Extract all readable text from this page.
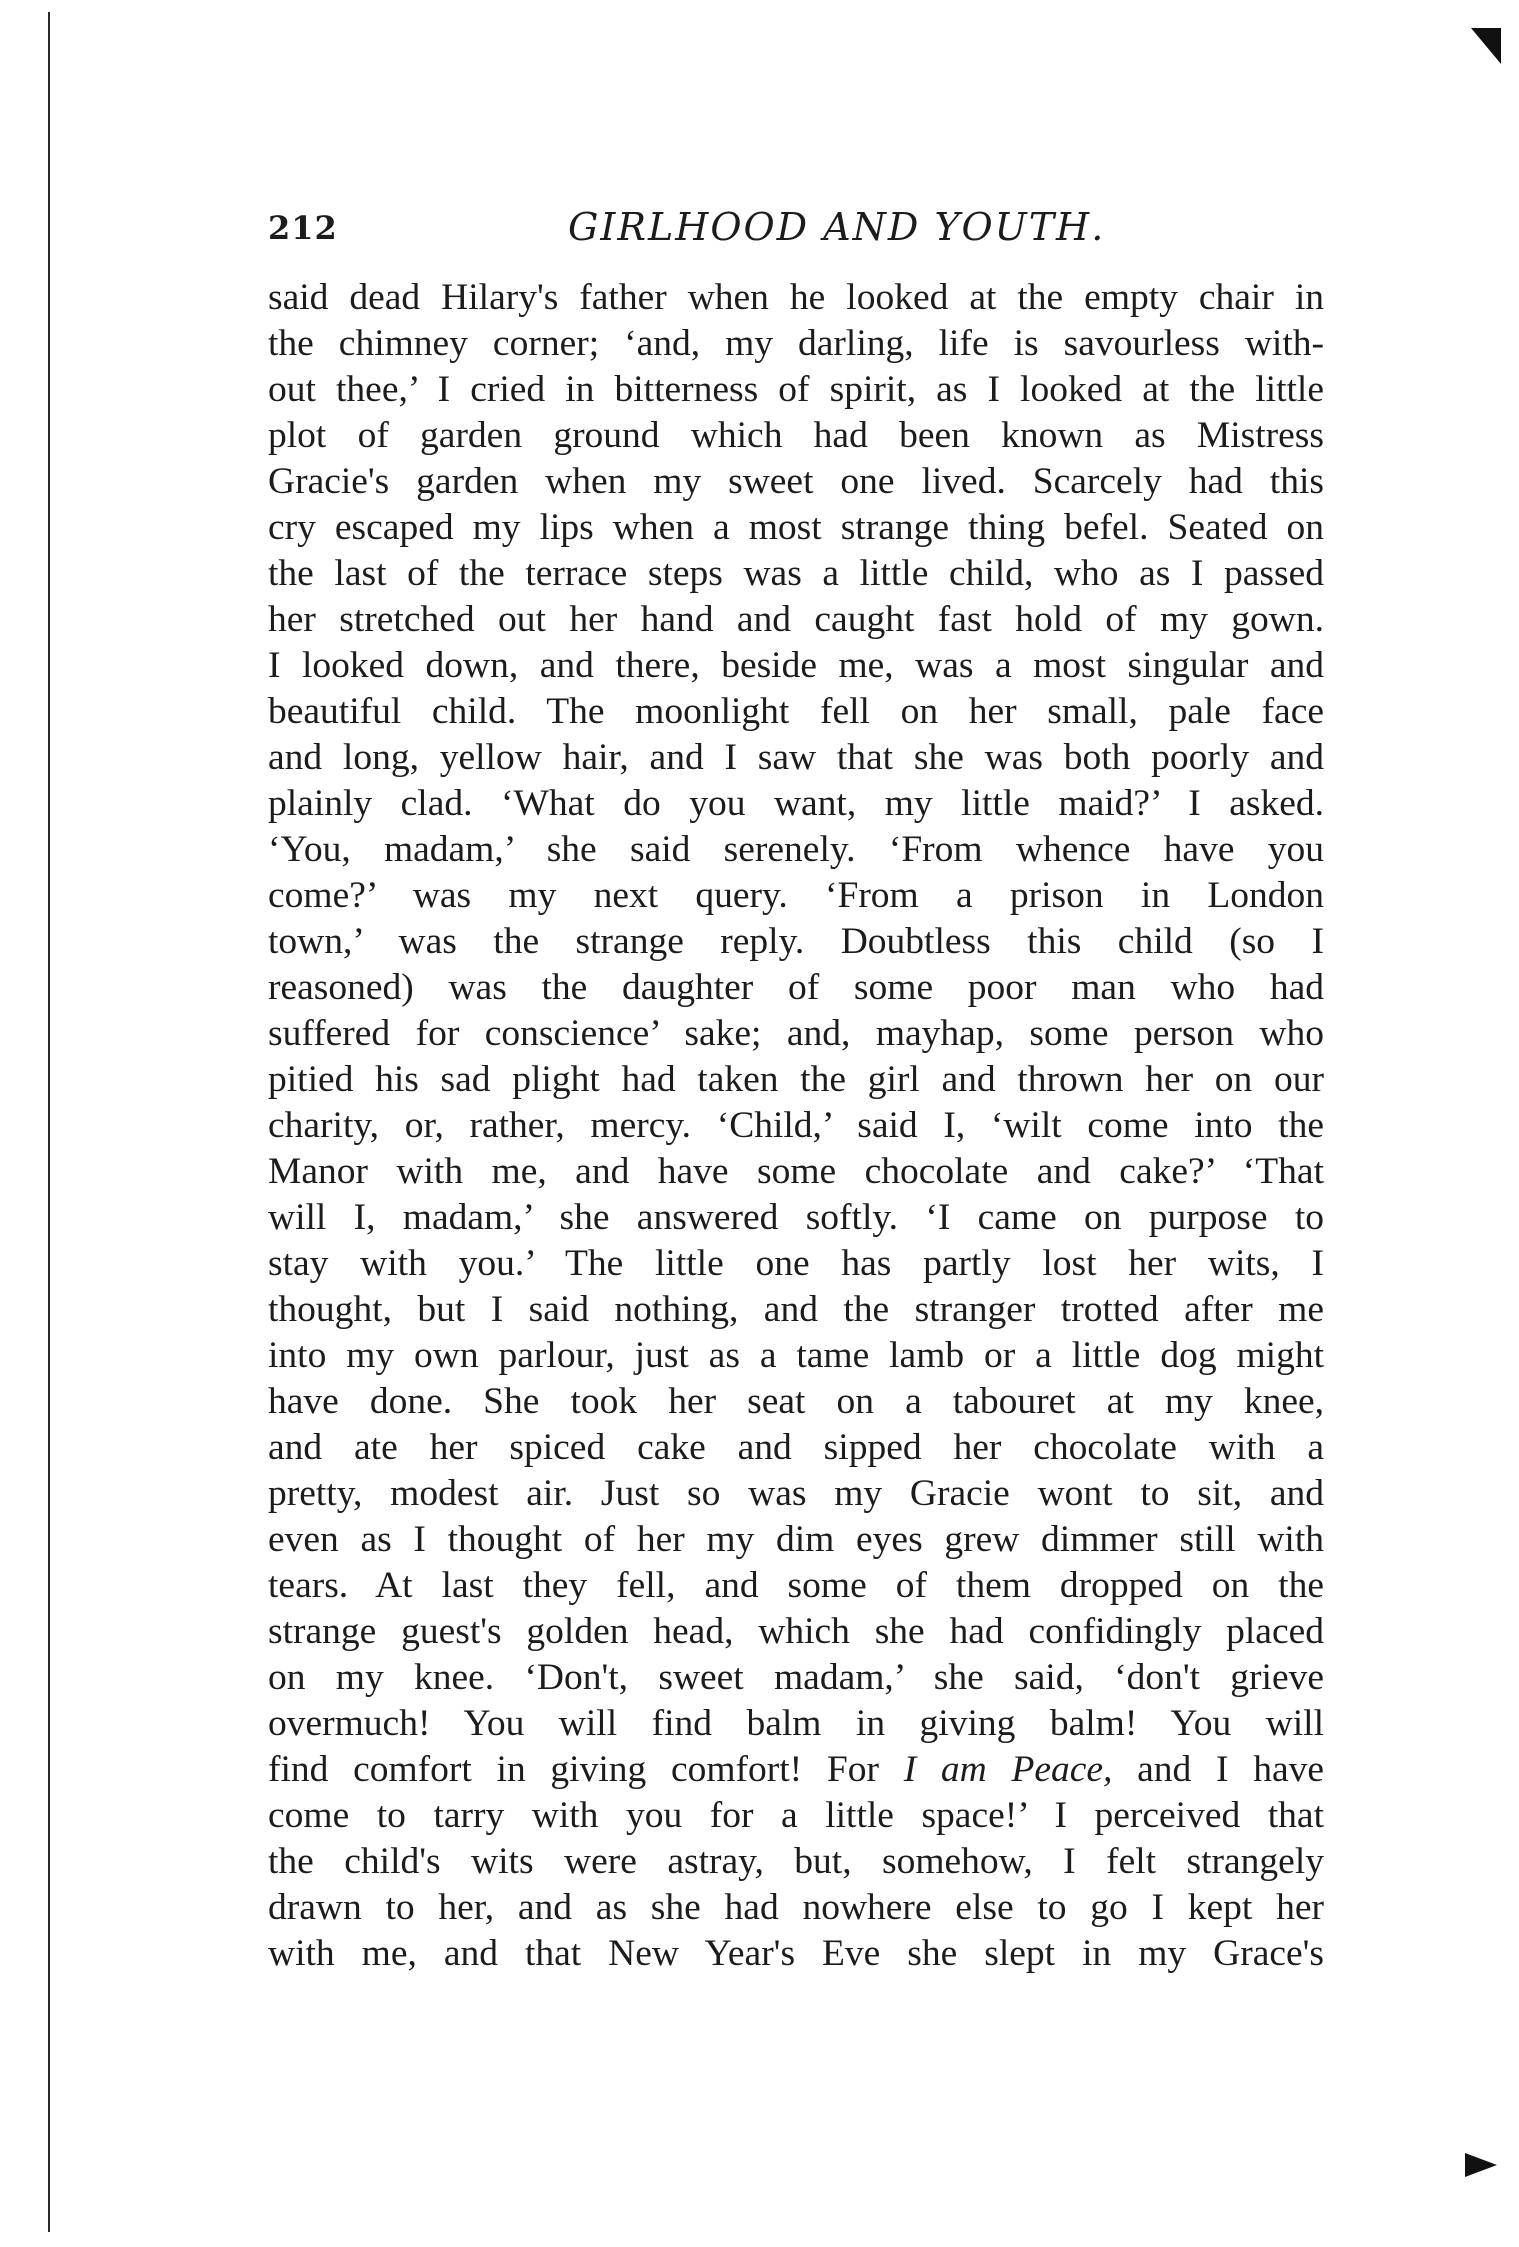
212	GIRLHOOD AND YOUTH.
said dead Hilary's father when he looked at the empty chair in
the chimney corner; ‘and, my darling, life is savourless with-
out thee,’ I cried in bitterness of spirit, as I looked at the little
plot of garden ground which had been known as Mistress
Gracie's garden when my sweet one lived. Scarcely had this
cry escaped my lips when a most strange thing befel. Seated on
the last of the terrace steps was a little child, who as I passed
her stretched out her hand and caught fast hold of my gown.
I looked down, and there, beside me, was a most singular and
beautiful child. The moonlight fell on her small, pale face
and long, yellow hair, and I saw that she was both poorly and
plainly clad. ‘What do you want, my little maid?’ I asked.
‘You, madam,’ she said serenely. ‘From whence have you
come?’ was my next query. ‘From a prison in London
town,’ was the strange reply. Doubtless this child (so I
reasoned) was the daughter of some poor man who had
suffered for conscience’ sake; and, mayhap, some person who
pitied his sad plight had taken the girl and thrown her on our
charity, or, rather, mercy. ‘Child,’ said I, ‘wilt come into the
Manor with me, and have some chocolate and cake?’ ‘That
will I, madam,’ she answered softly. ‘I came on purpose to
stay with you.’ The little one has partly lost her wits, I
thought, but I said nothing, and the stranger trotted after me
into my own parlour, just as a tame lamb or a little dog might
have done. She took her seat on a tabouret at my knee,
and ate her spiced cake and sipped her chocolate with a
pretty, modest air. Just so was my Gracie wont to sit, and
even as I thought of her my dim eyes grew dimmer still with
tears. At last they fell, and some of them dropped on the
strange guest's golden head, which she had confidingly placed
on my knee. ‘Don't, sweet madam,’ she said, ‘don't grieve
overmuch! You will find balm in giving balm! You will
find comfort in giving comfort! For I am Peace, and I have
come to tarry with you for a little space!’ I perceived that
the child's wits were astray, but, somehow, I felt strangely
drawn to her, and as she had nowhere else to go I kept her
with me, and that New Year's Eve she slept in my Grace's
